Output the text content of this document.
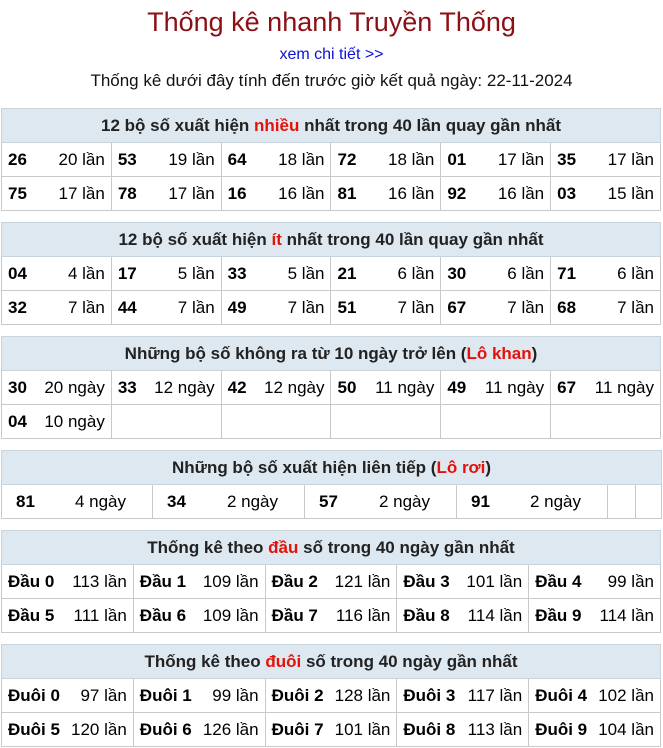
Thống kê nhanh Truyền Thống
xem chi tiết >>
Thống kê dưới đây tính đến trước giờ kết quả ngày: 22-11-2024
12 bộ số xuất hiện nhiều nhất trong 40 lần quay gần nhất					
26 20 lần	53 19 lần	64 18 lần	72 18 lần	01 17 lần	35 17 lần

75 17 lần	78 17 lần	16 16 lần	81 16 lần	92 16 lần	03 15 lần
12 bộ số xuất hiện ít nhất trong 40 lần quay gần nhất					
04 4 lần	17 5 lần	33 5 lần	21 6 lần	30 6 lần	71 6 lần

32 7 lần	44 7 lần	49 7 lần	51 7 lần	67 7 lần	68 7 lần
Những bộ số không ra từ 10 ngày trở lên (Lô khan)					
30 20 ngày	33 12 ngày	42 12 ngày	50 11 ngày	49 11 ngày	67 11 ngày

04 10 ngày					

Những bộ số xuất hiện liên tiếp (Lô rơi)
81 4 ngày	34 2 ngày	57 2 ngày	91 2 ngày

Thống kê theo đầu số trong 40 ngày gần nhất				
Đầu 0 113 lần	Đầu 1 109 lần	Đầu 2 121 lần	Đầu 3 101 lần	Đầu 4 99 lần

Đầu 5 111 lần	Đầu 6 109 lần	Đầu 7 116 lần	Đầu 8 114 lần	Đầu 9 114 lần
Thống kê theo đuôi số trong 40 ngày gần nhất				
Đuôi 0 97 lần	Đuôi 1 99 lần	Đuôi 2 128 lần	Đuôi 3 117 lần	Đuôi 4 102 lần

Đuôi 5 120 lần	Đuôi 6 126 lần	Đuôi 7 101 lần	Đuôi 8 113 lần	Đuôi 9 104 lần
